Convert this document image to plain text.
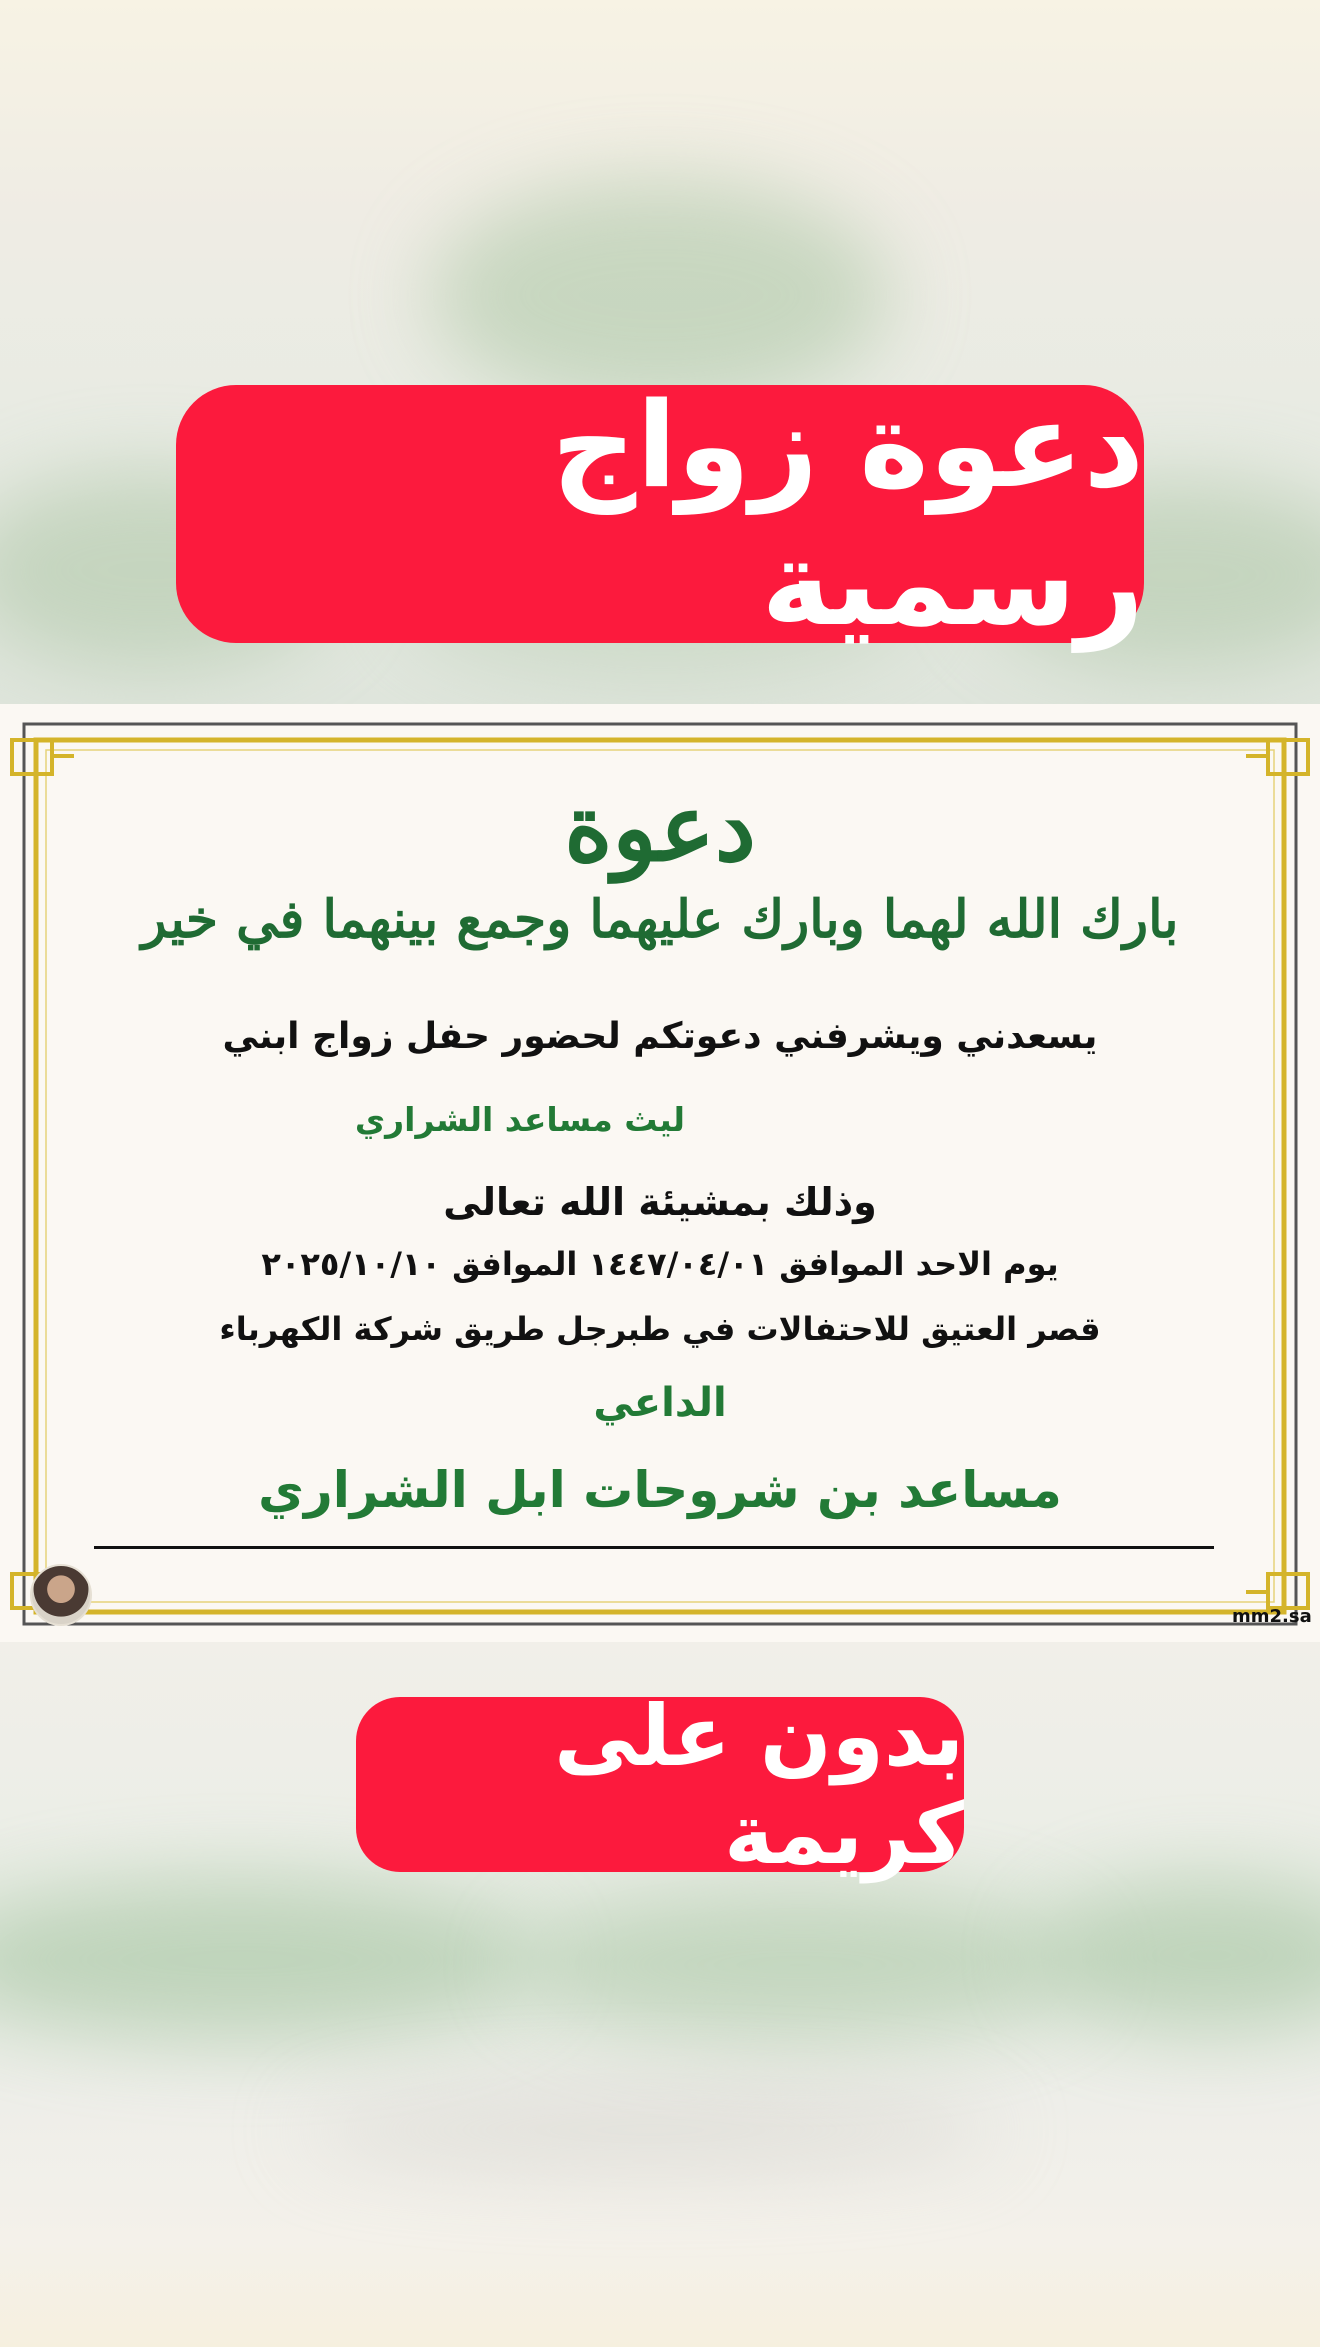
دعوة زواج رسمية
دعوة
بارك الله لهما وبارك عليهما وجمع بينهما في خير
يسعدني ويشرفني دعوتكم لحضور حفل زواج ابني
ليث مساعد الشراري
وذلك بمشيئة الله تعالى
يوم الاحد الموافق ١٤٤٧/٠٤/٠١ الموافق ٢٠٢٥/١٠/١٠
قصر العتيق للاحتفالات في طبرجل طريق شركة الكهرباء
الداعي
مساعد بن شروحات ابل الشراري
mm2.sa
بدون على كريمة
